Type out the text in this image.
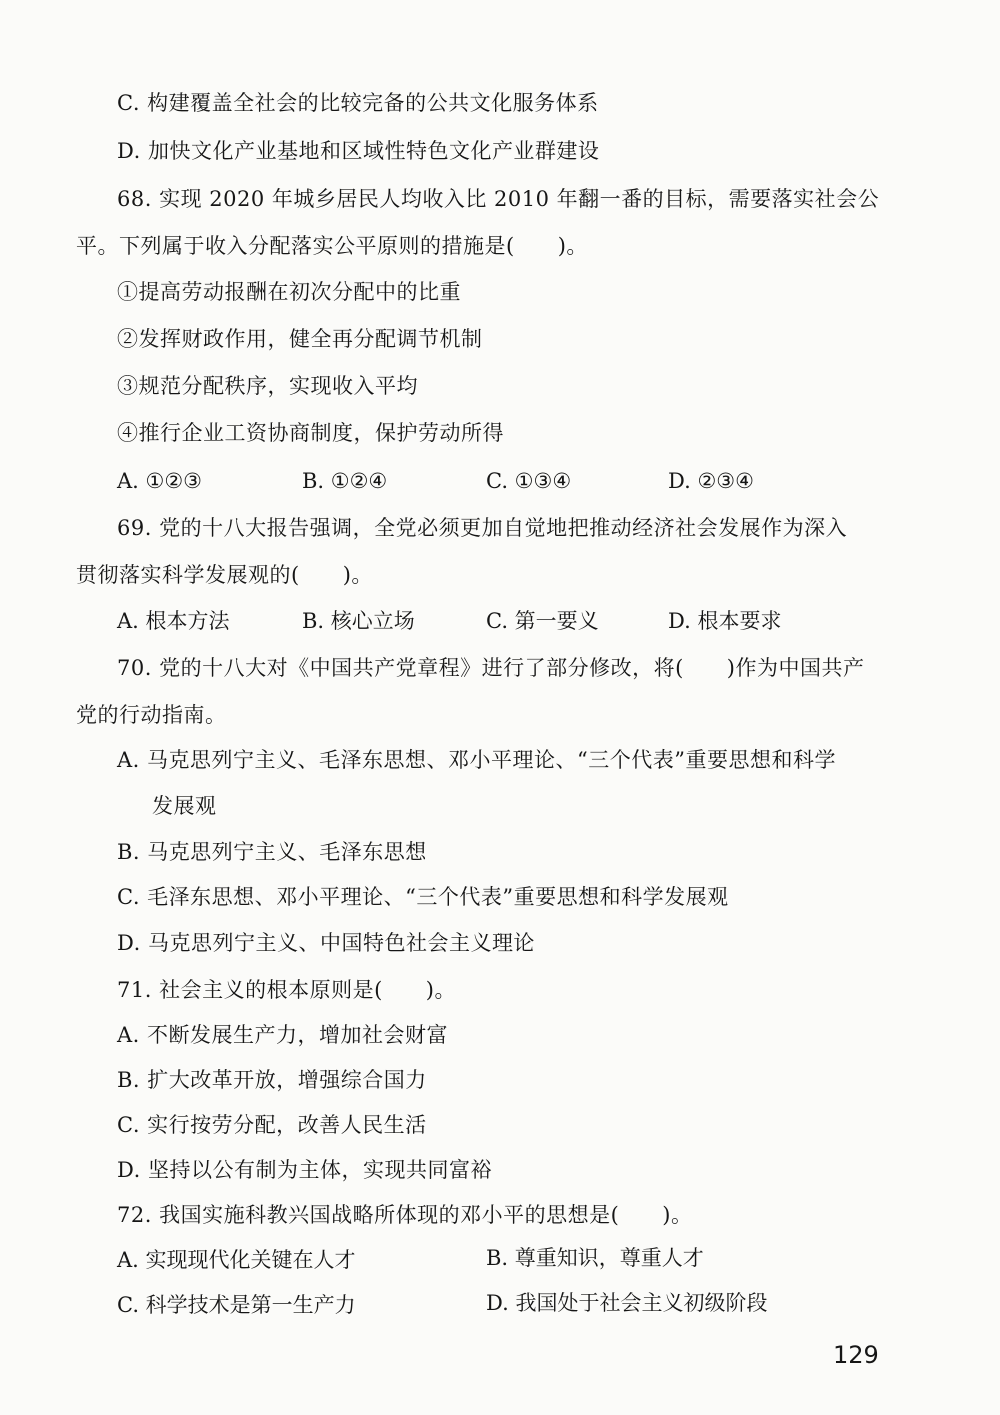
C. 构建覆盖全社会的比较完备的公共文化服务体系
D. 加快文化产业基地和区域性特色文化产业群建设
68. 实现 2020 年城乡居民人均收入比 2010 年翻一番的目标，需要落实社会公
平。下列属于收入分配落实公平原则的措施是(　　)。
①提高劳动报酬在初次分配中的比重
②发挥财政作用，健全再分配调节机制
③规范分配秩序，实现收入平均
④推行企业工资协商制度，保护劳动所得
A. ①②③	B. ①②④	C. ①③④	D. ②③④
69. 党的十八大报告强调，全党必须更加自觉地把推动经济社会发展作为深入
贯彻落实科学发展观的(　　)。
A. 根本方法	B. 核心立场	C. 第一要义	D. 根本要求
70. 党的十八大对《中国共产党章程》进行了部分修改，将(　　)作为中国共产
党的行动指南。
A. 马克思列宁主义、毛泽东思想、邓小平理论、“三个代表”重要思想和科学
发展观
B. 马克思列宁主义、毛泽东思想
C. 毛泽东思想、邓小平理论、“三个代表”重要思想和科学发展观
D. 马克思列宁主义、中国特色社会主义理论
71. 社会主义的根本原则是(　　)。
A. 不断发展生产力，增加社会财富
B. 扩大改革开放，增强综合国力
C. 实行按劳分配，改善人民生活
D. 坚持以公有制为主体，实现共同富裕
72. 我国实施科教兴国战略所体现的邓小平的思想是(　　)。
A. 实现现代化关键在人才	B. 尊重知识，尊重人才
C. 科学技术是第一生产力	D. 我国处于社会主义初级阶段
129
